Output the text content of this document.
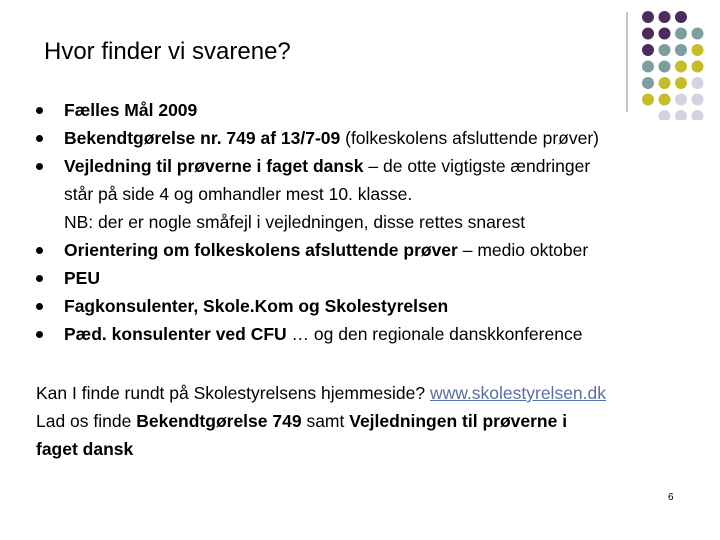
Hvor finder vi svarene?
Fælles Mål 2009
Bekendtgørelse nr. 749 af 13/7-09 (folkeskolens afsluttende prøver)
Vejledning til prøverne i faget dansk – de otte vigtigste ændringer
står på side 4 og omhandler mest 10. klasse.
NB: der er nogle småfejl i vejledningen, disse rettes snarest
Orientering om folkeskolens afsluttende prøver – medio oktober
PEU
Fagkonsulenter, Skole.Kom og Skolestyrelsen
Pæd. konsulenter ved CFU … og den regionale danskkonference
Kan I finde rundt på Skolestyrelsens hjemmeside? www.skolestyrelsen.dk
Lad os finde Bekendtgørelse 749 samt Vejledningen til prøverne i
faget dansk
6
